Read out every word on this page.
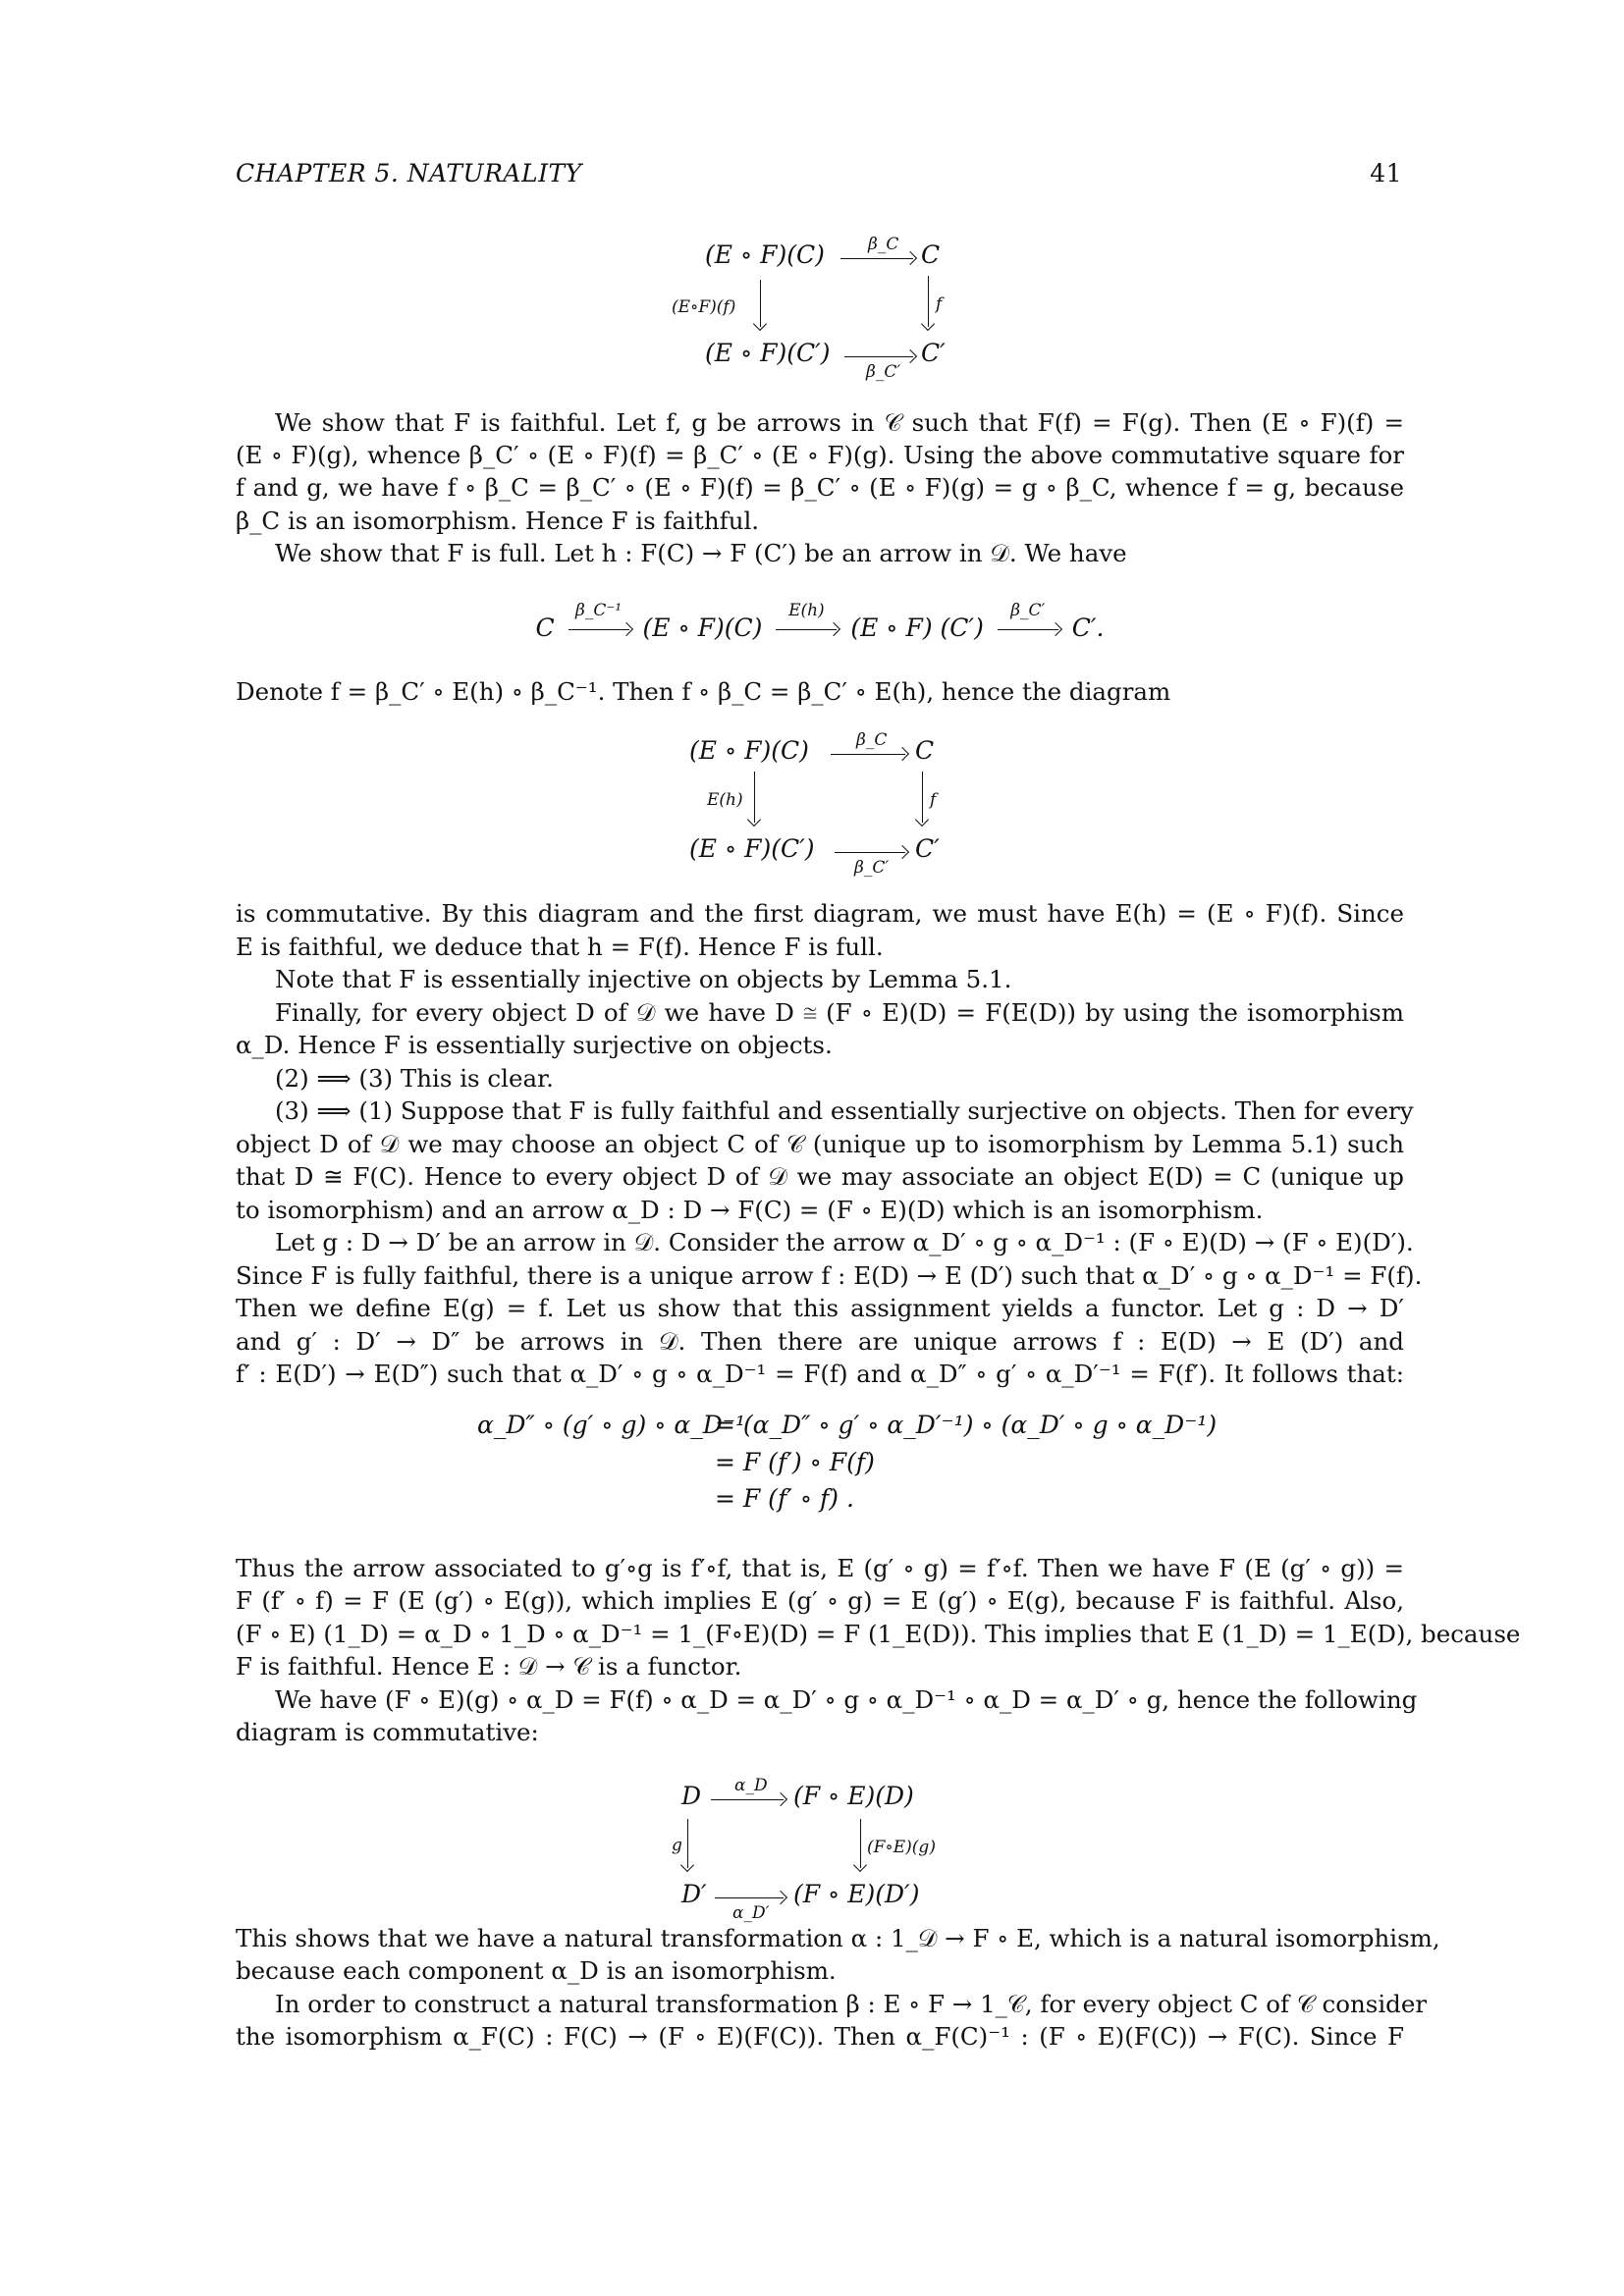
CHAPTER 5. NATURALITY	41
(E ∘ F)(C)	β_C C
(E∘F)(f)	f
(E ∘ F)(C′)
β_C′
C′
We show that F is faithful. Let f, g be arrows in 𝒞 such that F(f) = F(g). Then (E ∘ F)(f) =
(E ∘ F)(g), whence β_C′ ∘ (E ∘ F)(f) = β_C′ ∘ (E ∘ F)(g). Using the above commutative square for
f and g, we have f ∘ β_C = β_C′ ∘ (E ∘ F)(f) = β_C′ ∘ (E ∘ F)(g) = g ∘ β_C, whence f = g, because
β_C is an isomorphism. Hence F is faithful.
We show that F is full. Let h : F(C) → F (C′) be an arrow in 𝒟. We have
C
β_C⁻¹
(E ∘ F)(C)
E(h)
(E ∘ F) (C′)
β_C′
C′.
Denote f = β_C′ ∘ E(h) ∘ β_C⁻¹. Then f ∘ β_C = β_C′ ∘ E(h), hence the diagram
(E ∘ F)(C)	β_C C
E(h)	f
(E ∘ F)(C′)
β_C′
C′
is commutative. By this diagram and the first diagram, we must have E(h) = (E ∘ F)(f). Since
E is faithful, we deduce that h = F(f). Hence F is full.
Note that F is essentially injective on objects by Lemma 5.1.
Finally, for every object D of 𝒟 we have D ≅ (F ∘ E)(D) = F(E(D)) by using the isomorphism
α_D. Hence F is essentially surjective on objects.
(2) ⟹ (3) This is clear.
(3) ⟹ (1) Suppose that F is fully faithful and essentially surjective on objects. Then for every
object D of 𝒟 we may choose an object C of 𝒞 (unique up to isomorphism by Lemma 5.1) such
that D ≅ F(C). Hence to every object D of 𝒟 we may associate an object E(D) = C (unique up
to isomorphism) and an arrow α_D : D → F(C) = (F ∘ E)(D) which is an isomorphism.
Let g : D → D′ be an arrow in 𝒟. Consider the arrow α_D′ ∘ g ∘ α_D⁻¹ : (F ∘ E)(D) → (F ∘ E)(D′).
Since F is fully faithful, there is a unique arrow f : E(D) → E (D′) such that α_D′ ∘ g ∘ α_D⁻¹ = F(f).
Then we define E(g) = f. Let us show that this assignment yields a functor. Let g : D → D′
and g′ : D′ → D″ be arrows in 𝒟. Then there are unique arrows f : E(D) → E (D′) and
f′ : E(D′) → E(D″) such that α_D′ ∘ g ∘ α_D⁻¹ = F(f) and α_D″ ∘ g′ ∘ α_D′⁻¹ = F(f′). It follows that:
α_D″ ∘ (g′ ∘ g) ∘ α_D⁻¹
= (α_D″ ∘ g′ ∘ α_D′⁻¹) ∘ (α_D′ ∘ g ∘ α_D⁻¹)
= F (f′) ∘ F(f)
= F (f′ ∘ f) .
Thus the arrow associated to g′∘g is f′∘f, that is, E (g′ ∘ g) = f′∘f. Then we have F (E (g′ ∘ g)) =
F (f′ ∘ f) = F (E (g′) ∘ E(g)), which implies E (g′ ∘ g) = E (g′) ∘ E(g), because F is faithful. Also,
(F ∘ E) (1_D) = α_D ∘ 1_D ∘ α_D⁻¹ = 1_(F∘E)(D) = F (1_E(D)). This implies that E (1_D) = 1_E(D), because
F is faithful. Hence E : 𝒟 → 𝒞 is a functor.
We have (F ∘ E)(g) ∘ α_D = F(f) ∘ α_D = α_D′ ∘ g ∘ α_D⁻¹ ∘ α_D = α_D′ ∘ g, hence the following
diagram is commutative:
D α_D (F ∘ E)(D)
g	(F∘E)(g)
D′
α_D′
(F ∘ E)(D′)
This shows that we have a natural transformation α : 1_𝒟 → F ∘ E, which is a natural isomorphism,
because each component α_D is an isomorphism.
In order to construct a natural transformation β : E ∘ F → 1_𝒞, for every object C of 𝒞 consider
the isomorphism α_F(C) : F(C) → (F ∘ E)(F(C)). Then α_F(C)⁻¹ : (F ∘ E)(F(C)) → F(C). Since F
